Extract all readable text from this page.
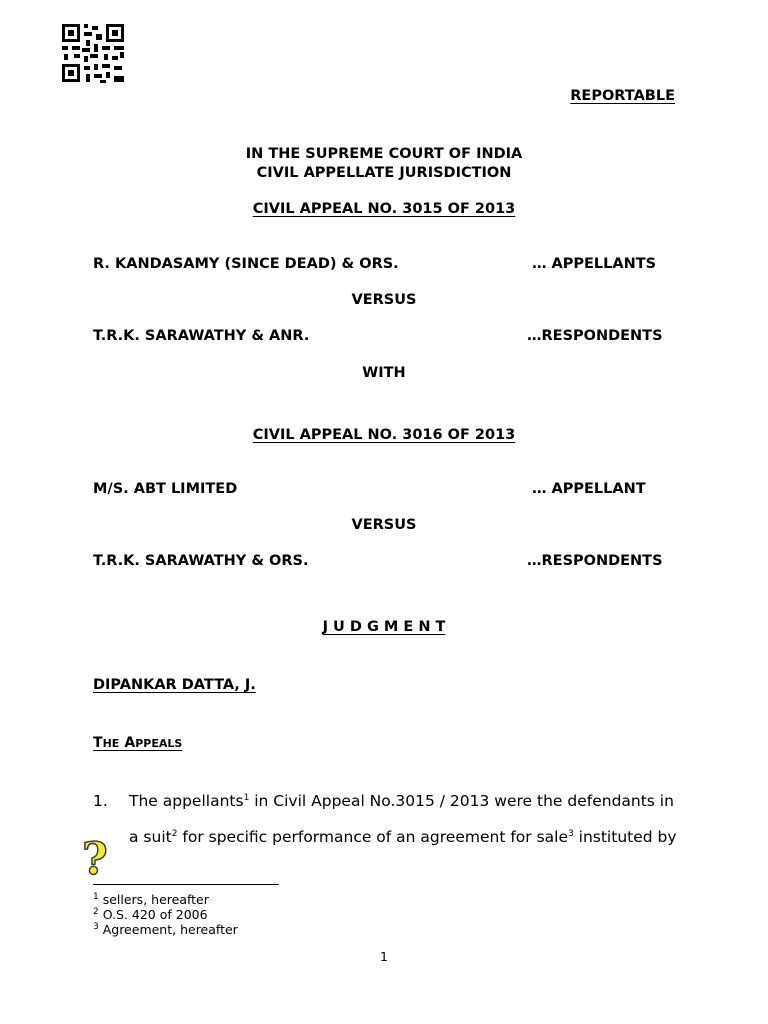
REPORTABLE
IN THE SUPREME COURT OF INDIA
CIVIL APPELLATE JURISDICTION
CIVIL APPEAL NO. 3015 OF 2013
R. KANDASAMY (SINCE DEAD) & ORS.	… APPELLANTS
VERSUS
T.R.K. SARAWATHY & ANR.	…RESPONDENTS
WITH
CIVIL APPEAL NO. 3016 OF 2013
M/S. ABT LIMITED	… APPELLANT
VERSUS
T.R.K. SARAWATHY & ORS.	…RESPONDENTS
J U D G M E N T
DIPANKAR DATTA, J.
THE APPEALS
1. The appellants$^1$ in Civil Appeal No.3015 / 2013 were the defendants in
a suit$^2$ for specific performance of an agreement for sale$^3$ instituted by
?
$^1$ sellers, hereafter
$^2$ O.S. 420 of 2006
$^3$ Agreement, hereafter
1
